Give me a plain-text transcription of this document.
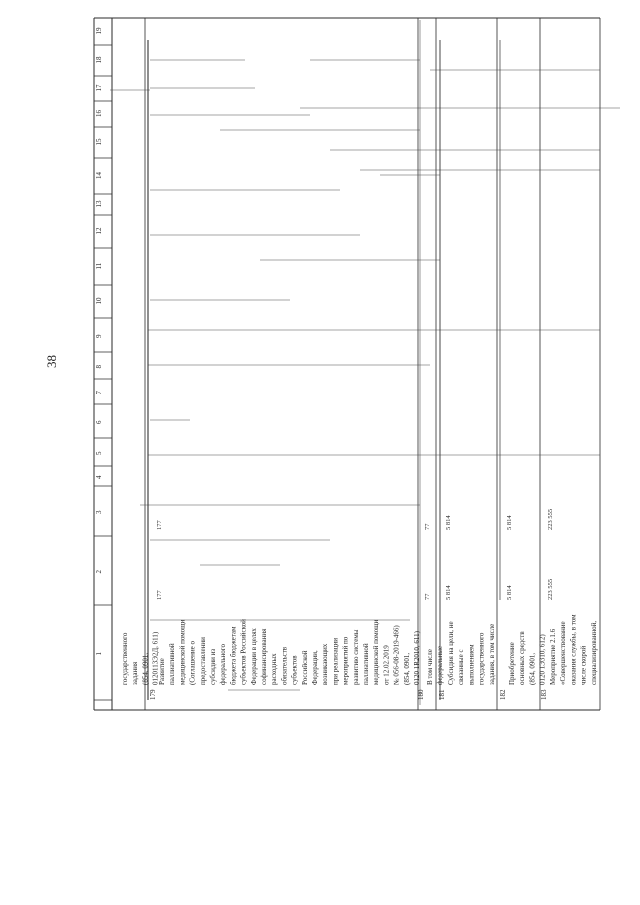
38
1
2
3
4
5
6
7
8
9
10
11
12
13
14
15
16
17
18
19
государственного задания (854, 0901, 0120113Э2Д, 611)
179
Развитие паллиативной медицинской помощи (Соглашение о предоставлении субсидии из федерального бюджета бюджетам субъектов Российской Федерации в целях софинансирования расходных обязательств субъектов Российской Федерации, возникающих при реализации мероприятий по развитию системы паллиативной медицинской помощи от 12.02.2019 № 056-08-2019-466) (854, 0901, 0120 1R2010, 611)
177
177
180
В том числе федеральные
77
77
181
Субсидия на цели, не связанные с выполнением государственного задания, в том числе
5 814
5 814
182
Приобретение основных средств (854, 0901, 0120 1Э310, 612)
5 814
5 814
183
Мероприятие 2.1.6 «Совершенствование оказания службы, в том числе скорой специализированной,
223 555
223 555
